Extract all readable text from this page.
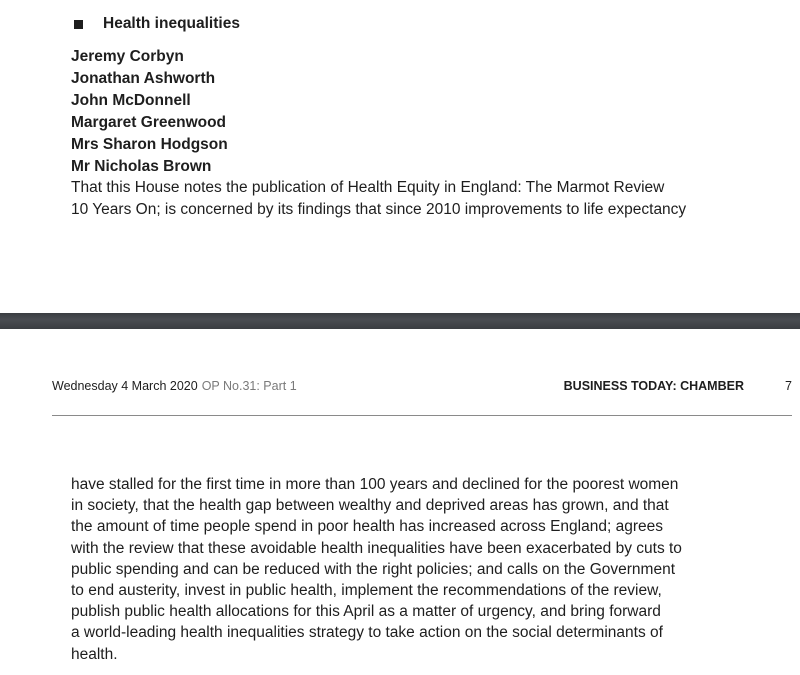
Health inequalities
Jeremy Corbyn
Jonathan Ashworth
John McDonnell
Margaret Greenwood
Mrs Sharon Hodgson
Mr Nicholas Brown
That this House notes the publication of Health Equity in England: The Marmot Review
10 Years On; is concerned by its findings that since 2010 improvements to life expectancy
Wednesday 4 March 2020 OP No.31: Part 1	BUSINESS TODAY: CHAMBER	7
have stalled for the first time in more than 100 years and declined for the poorest women
in society, that the health gap between wealthy and deprived areas has grown, and that
the amount of time people spend in poor health has increased across England; agrees
with the review that these avoidable health inequalities have been exacerbated by cuts to
public spending and can be reduced with the right policies; and calls on the Government
to end austerity, invest in public health, implement the recommendations of the review,
publish public health allocations for this April as a matter of urgency, and bring forward
a world-leading health inequalities strategy to take action on the social determinants of
health.
